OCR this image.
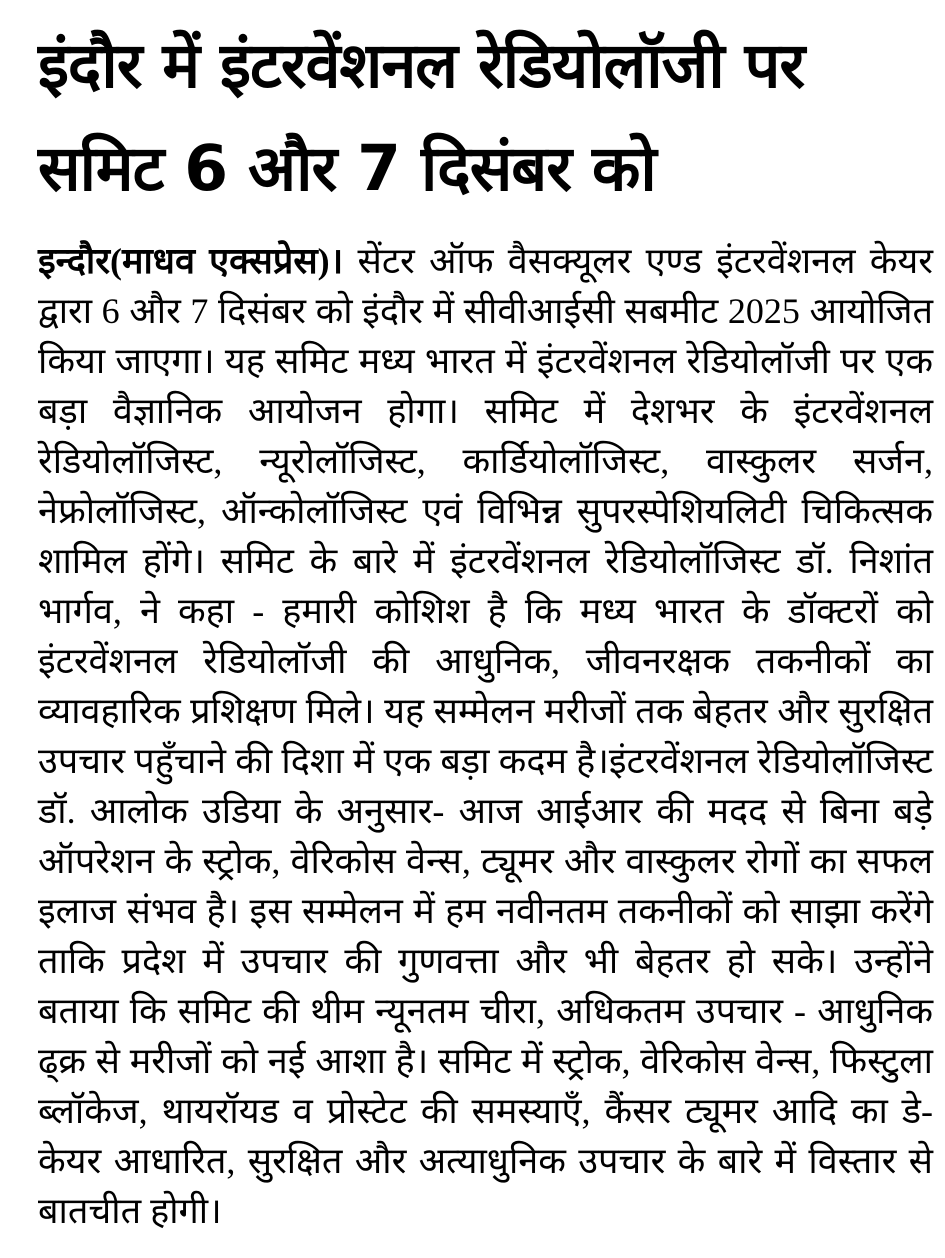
इंदौर में इंटरवेंशनल रेडियोलॉजी पर
समिट 6 और 7 दिसंबर को

इन्दौर(माधव एक्सप्रेस)। सेंटर ऑफ वैसक्यूलर एण्ड इंटरवेंशनल केयर द्वारा 6 और 7 दिसंबर को इंदौर में सीवीआईसी सबमीट 2025 आयोजित किया जाएगा। यह समिट मध्य भारत में इंटरवेंशनल रेडियोलॉजी पर एक बड़ा वैज्ञानिक आयोजन होगा। समिट में देशभर के इंटरवेंशनल रेडियोलॉजिस्ट, न्यूरोलॉजिस्ट, कार्डियोलॉजिस्ट, वास्कुलर सर्जन, नेफ्रोलॉजिस्ट, ऑन्कोलॉजिस्ट एवं विभिन्न सुपरस्पेशियलिटी चिकित्सक शामिल होंगे। समिट के बारे में इंटरवेंशनल रेडियोलॉजिस्ट डॉ. निशांत भार्गव, ने कहा - हमारी कोशिश है कि मध्य भारत के डॉक्टरों को इंटरवेंशनल रेडियोलॉजी की आधुनिक, जीवनरक्षक तकनीकों का व्यावहारिक प्रशिक्षण मिले। यह सम्मेलन मरीजों तक बेहतर और सुरक्षित उपचार पहुँचाने की दिशा में एक बड़ा कदम है।इंटरवेंशनल रेडियोलॉजिस्ट डॉ. आलोक उडिया के अनुसार- आज आईआर की मदद से बिना बड़े ऑपरेशन के स्ट्रोक, वेरिकोस वेन्स, ट्यूमर और वास्कुलर रोगों का सफल इलाज संभव है। इस सम्मेलन में हम नवीनतम तकनीकों को साझा करेंगे ताकि प्रदेश में उपचार की गुणवत्ता और भी बेहतर हो सके। उन्होंने बताया कि समिट की थीम न्यूनतम चीरा, अधिकतम उपचार - आधुनिक ढ्क्र से मरीजों को नई आशा है। समिट में स्ट्रोक, वेरिकोस वेन्स, फिस्टुला ब्लॉकेज, थायरॉयड व प्रोस्टेट की समस्याएँ, कैंसर ट्यूमर आदि का डे-केयर आधारित, सुरक्षित और अत्याधुनिक उपचार के बारे में विस्तार से बातचीत होगी।
